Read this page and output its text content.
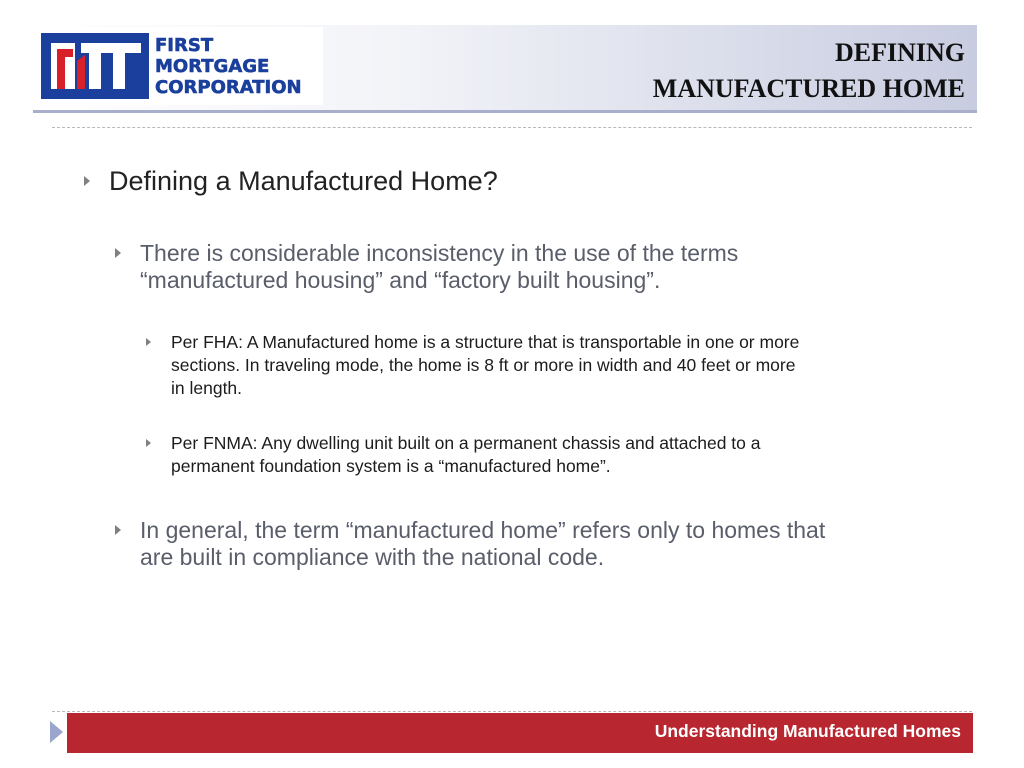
FIRST
MORTGAGE
CORPORATION
DEFINING
MANUFACTURED HOME
Defining a Manufactured Home?
There is considerable inconsistency in the use of the terms
“manufactured housing” and “factory built housing”.
Per FHA: A Manufactured home is a structure that is transportable in one or more
sections. In traveling mode, the home is 8 ft or more in width and 40 feet or more
in length.
Per FNMA: Any dwelling unit built on a permanent chassis and attached to a
permanent foundation system is a “manufactured home”.
In general, the term “manufactured home” refers only to homes that
are built in compliance with the national code.
Understanding Manufactured Homes
